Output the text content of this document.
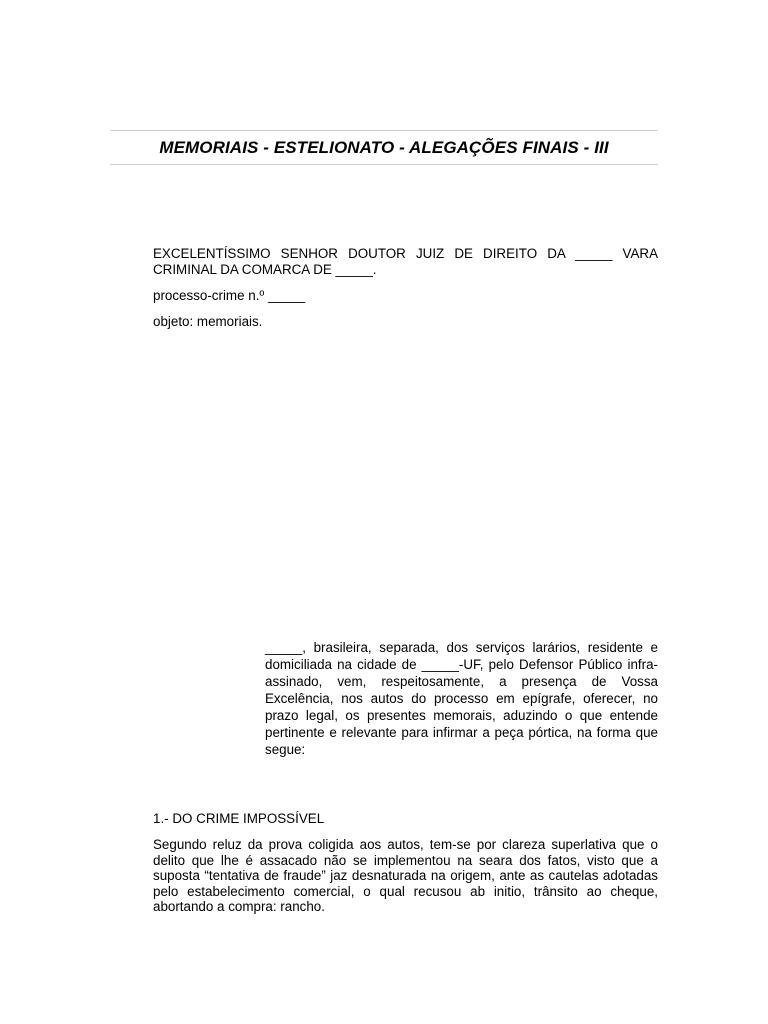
MEMORIAIS - ESTELIONATO - ALEGAÇÕES FINAIS - III

EXCELENTÍSSIMO SENHOR DOUTOR JUIZ DE DIREITO DA _____ VARA CRIMINAL DA COMARCA DE _____.

processo-crime n.º _____

objeto: memoriais.

_____, brasileira, separada, dos serviços larários, residente e domiciliada na cidade de _____-UF, pelo Defensor Público infra-assinado, vem, respeitosamente, a presença de Vossa Excelência, nos autos do processo em epígrafe, oferecer, no prazo legal, os presentes memorais, aduzindo o que entende pertinente e relevante para infirmar a peça pórtica, na forma que segue:

1.- DO CRIME IMPOSSÍVEL

Segundo reluz da prova coligida aos autos, tem-se por clareza superlativa que o delito que lhe é assacado não se implementou na seara dos fatos, visto que a suposta “tentativa de fraude” jaz desnaturada na origem, ante as cautelas adotadas pelo estabelecimento comercial, o qual recusou ab initio, trânsito ao cheque, abortando a compra: rancho.
